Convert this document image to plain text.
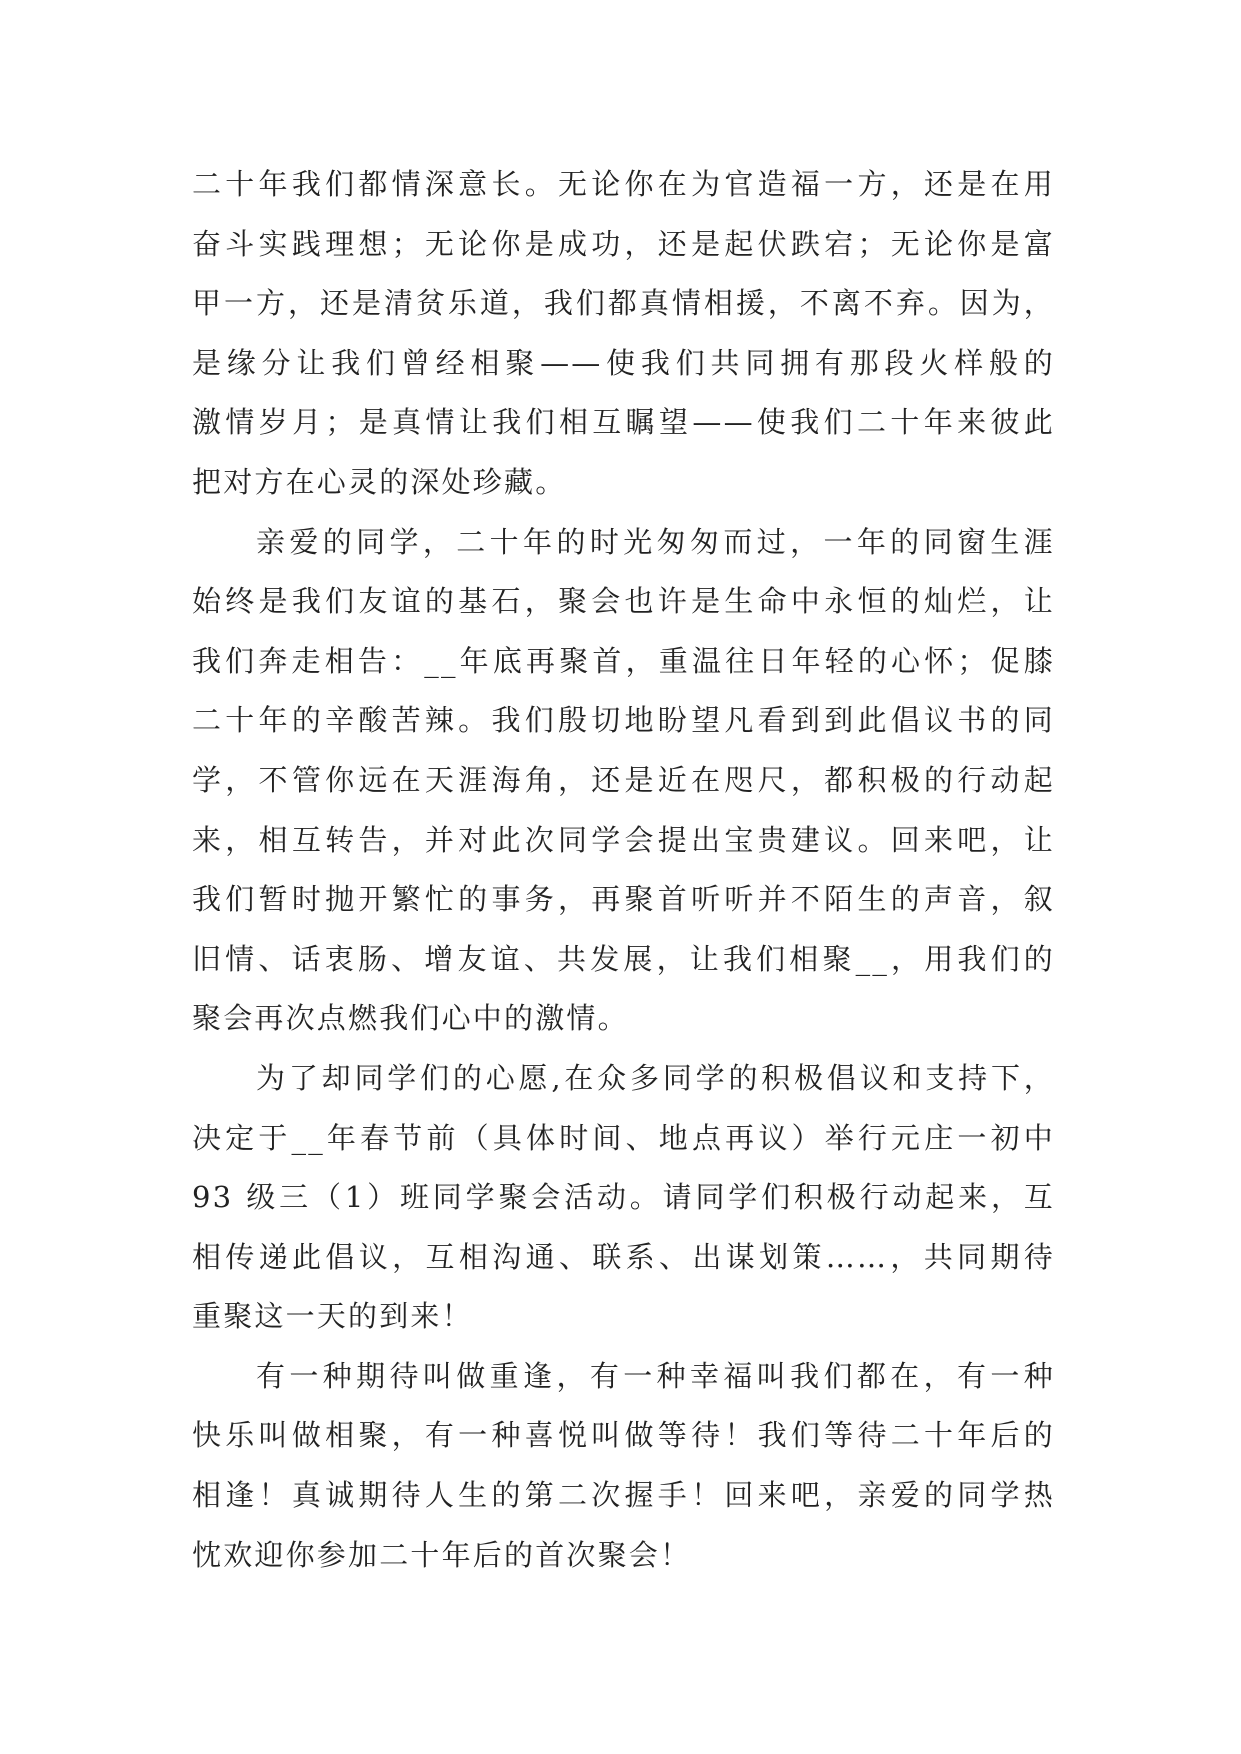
二十年我们都情深意长。无论你在为官造福一方，还是在用
奋斗实践理想；无论你是成功，还是起伏跌宕；无论你是富
甲一方，还是清贫乐道，我们都真情相援，不离不弃。因为，
是缘分让我们曾经相聚——使我们共同拥有那段火样般的
激情岁月；是真情让我们相互瞩望——使我们二十年来彼此
把对方在心灵的深处珍藏。
亲爱的同学，二十年的时光匆匆而过，一年的同窗生涯
始终是我们友谊的基石，聚会也许是生命中永恒的灿烂，让
我们奔走相告：__年底再聚首，重温往日年轻的心怀；促膝
二十年的辛酸苦辣。我们殷切地盼望凡看到到此倡议书的同
学，不管你远在天涯海角，还是近在咫尺，都积极的行动起
来，相互转告，并对此次同学会提出宝贵建议。回来吧，让
我们暂时抛开繁忙的事务，再聚首听听并不陌生的声音，叙
旧情、话衷肠、增友谊、共发展，让我们相聚__，用我们的
聚会再次点燃我们心中的激情。
为了却同学们的心愿,在众多同学的积极倡议和支持下，
决定于__年春节前（具体时间、地点再议）举行元庄一初中
93 级三（1）班同学聚会活动。请同学们积极行动起来，互
相传递此倡议，互相沟通、联系、出谋划策……，共同期待
重聚这一天的到来！
有一种期待叫做重逢，有一种幸福叫我们都在，有一种
快乐叫做相聚，有一种喜悦叫做等待！我们等待二十年后的
相逢！真诚期待人生的第二次握手！回来吧，亲爱的同学热
忱欢迎你参加二十年后的首次聚会！
